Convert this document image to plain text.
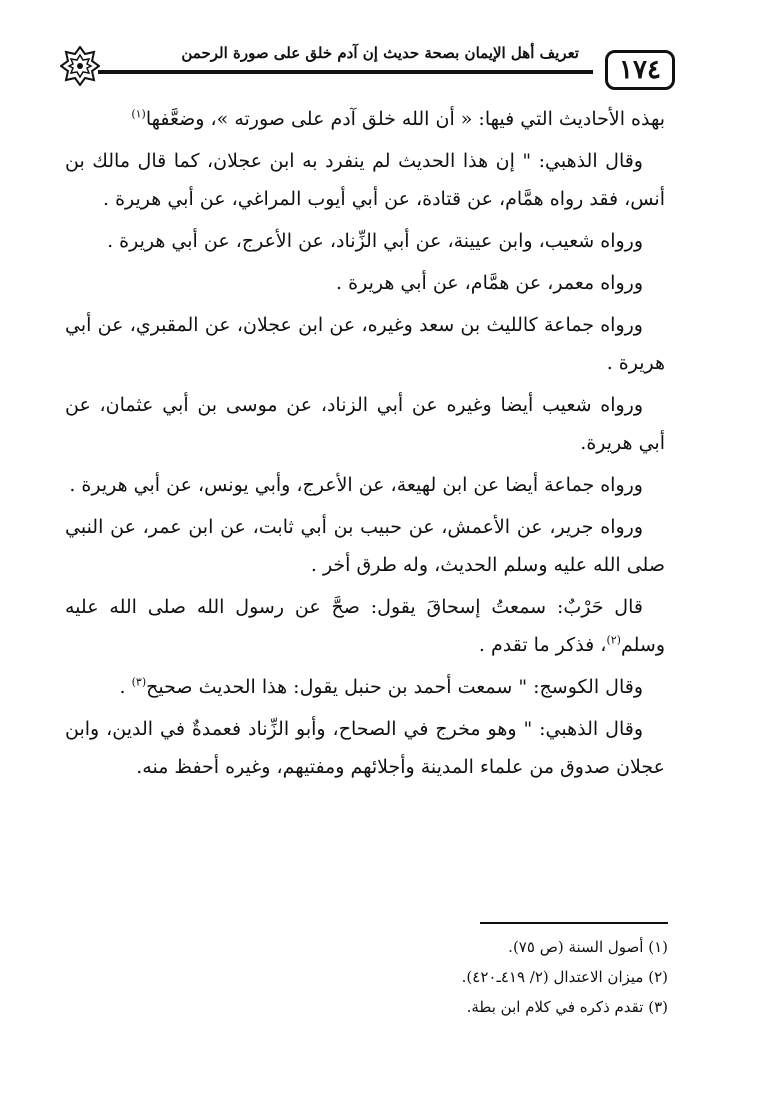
تعريف أهل الإيمان بصحة حديث إن آدم خلق على صورة الرحمن
١٧٤

بهذه الأحاديث التي فيها: « أن الله خلق آدم على صورته »، وضعَّفها$^{(١)}$

وقال الذهبي: " إن هذا الحديث لم ينفرد به ابن عجلان، كما قال مالك بن أنس، فقد رواه همَّام، عن قتادة، عن أبي أيوب المراغي، عن أبي هريرة .

ورواه شعيب، وابن عيينة، عن أبي الزِّناد، عن الأعرج، عن أبي هريرة .

ورواه معمر، عن همَّام، عن أبي هريرة .

ورواه جماعة كالليث بن سعد وغيره، عن ابن عجلان، عن المقبري، عن أبي هريرة .

ورواه شعيب أيضا وغيره عن أبي الزناد، عن موسى بن أبي عثمان، عن أبي هريرة.

ورواه جماعة أيضا عن ابن لهيعة، عن الأعرج، وأبي يونس، عن أبي هريرة .

ورواه جرير، عن الأعمش، عن حبيب بن أبي ثابت، عن ابن عمر، عن النبي صلى الله عليه وسلم الحديث، وله طرق أخر .

قال حَرْبٌ: سمعتُ إسحاقَ يقول: صحَّ عن رسول الله صلى الله عليه وسلم$^{(٢)}$، فذكر ما تقدم .

وقال الكوسج: " سمعت أحمد بن حنبل يقول: هذا الحديث صحيح$^{(٣)}$ .

وقال الذهبي: " وهو مخرج في الصحاح، وأبو الزِّناد فعمدةٌ في الدين، وابن عجلان صدوق من علماء المدينة وأجلائهم ومفتيهم، وغيره أحفظ منه.

(١) أصول السنة (ص ٧٥).

(٢) ميزان الاعتدال (٢/ ٤١٩ـ٤٢٠).

(٣) تقدم ذكره في كلام ابن بطة.
